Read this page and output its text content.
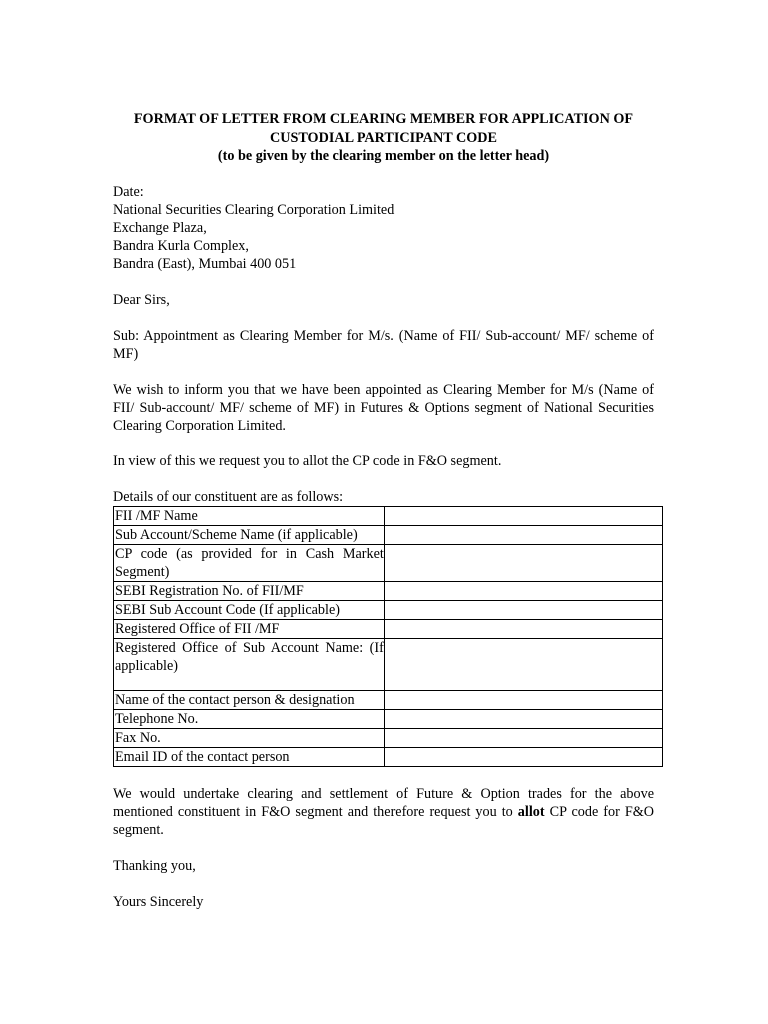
FORMAT OF LETTER FROM CLEARING MEMBER FOR APPLICATION OF
CUSTODIAL PARTICIPANT CODE
(to be given by the clearing member on the letter head)
Date:
National Securities Clearing Corporation Limited
Exchange Plaza,
Bandra Kurla Complex,
Bandra (East), Mumbai 400 051

Dear Sirs,

Sub: Appointment as Clearing Member for M/s. (Name of FII/ Sub-account/ MF/ scheme of MF)

We wish to inform you that we have been appointed as Clearing Member for M/s (Name of FII/ Sub-account/ MF/ scheme of MF) in Futures & Options segment of National Securities Clearing Corporation Limited.

In view of this we request you to allot the CP code in F&O segment.

Details of our constituent are as follows:

FII /MF Name	
Sub Account/Scheme Name (if applicable)	
CP code (as provided for in Cash Market Segment)	
SEBI Registration No. of FII/MF	
SEBI Sub Account Code (If applicable)	
Registered Office of FII /MF	
Registered Office of Sub Account Name: (If applicable)	
Name of the contact person & designation	
Telephone No.	
Fax No.	
Email ID of the contact person	

We would undertake clearing and settlement of Future & Option trades for the above mentioned constituent in F&O segment and therefore request you to allot CP code for F&O segment.

Thanking you,

Yours Sincerely
